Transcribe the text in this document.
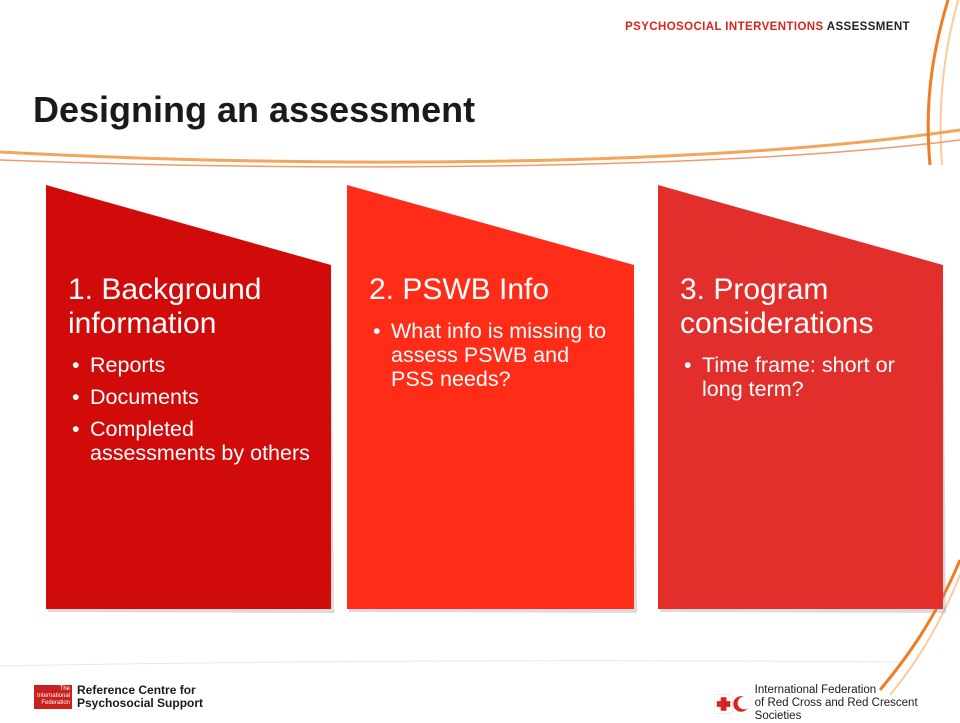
PSYCHOSOCIAL INTERVENTIONS ASSESSMENT
Designing an assessment
1. Background information
• Reports
• Documents
• Completed assessments by others
2. PSWB Info
• What info is missing to assess PSWB and PSS needs?
3. Program considerations
• Time frame: short or long term?
The International Federation
Reference Centre for
Psychosocial Support
International Federation
of Red Cross and Red Crescent Societies
